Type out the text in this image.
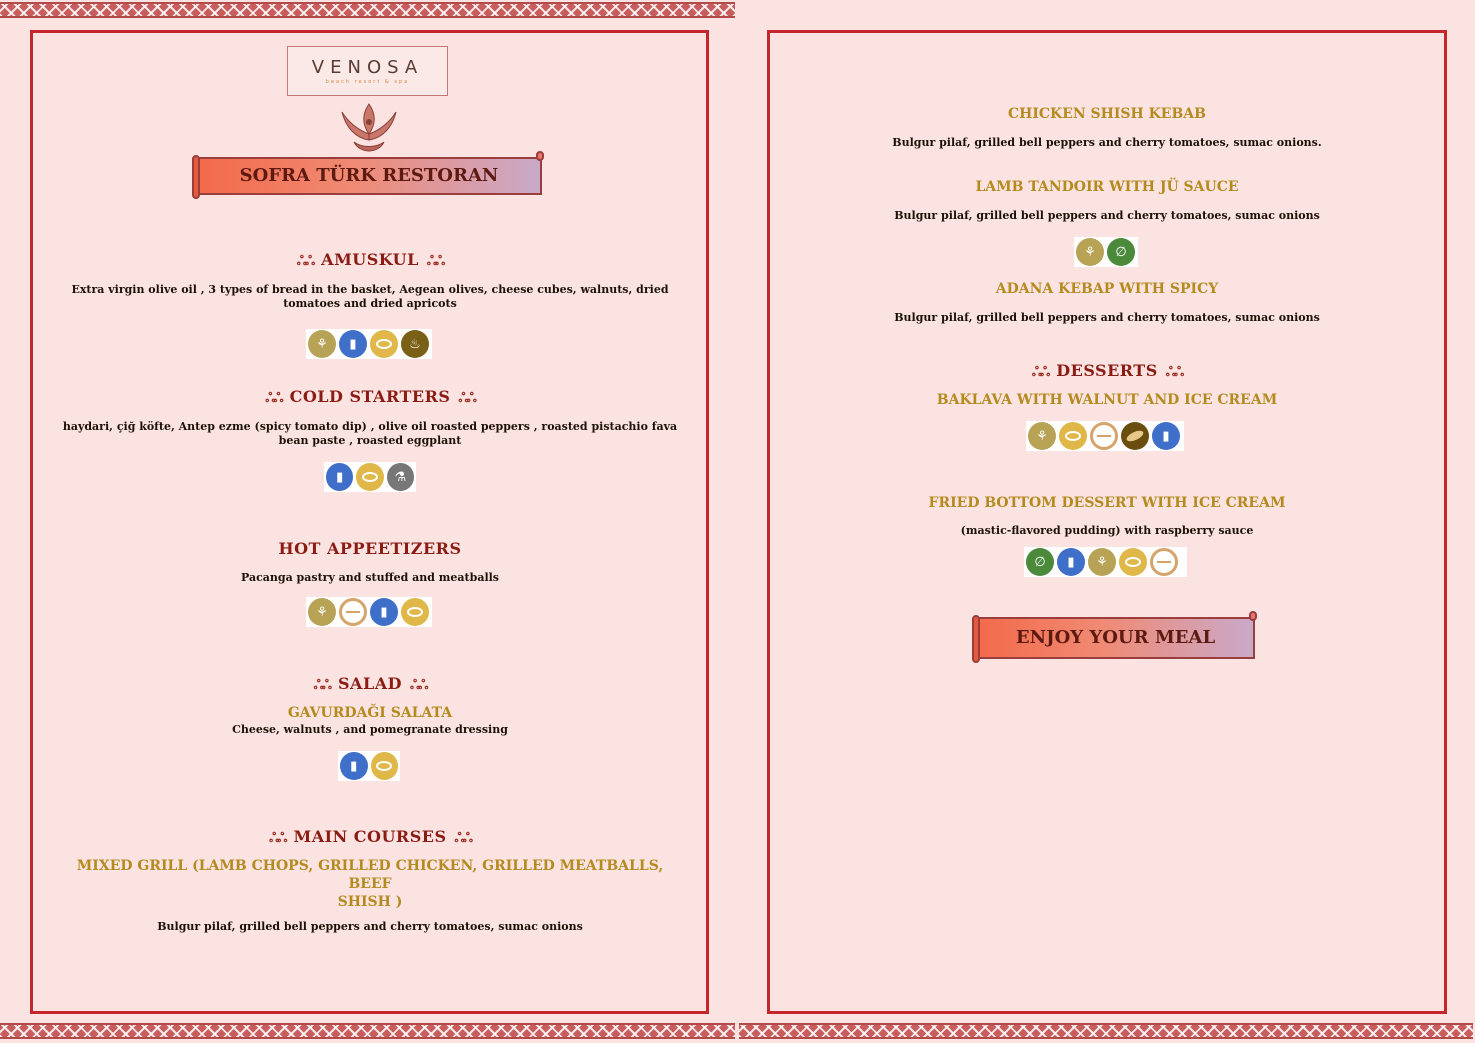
VENOSA
beach resort & spa
SOFRA TÜRK RESTORAN
ஃஃ AMUSKUL ஃஃ
Extra virgin olive oil , 3 types of bread in the basket, Aegean olives, cheese cubes, walnuts, dried
tomatoes and dried apricots
⚘	▮	♨
ஃஃ COLD STARTERS ஃஃ
haydari, çiğ köfte, Antep ezme (spicy tomato dip) , olive oil roasted peppers , roasted pistachio fava
bean paste , roasted eggplant
▮	⚗
HOT APPEETIZERS
Pacanga pastry and stuffed and meatballs
⚘	▮
ஃஃ SALAD ஃஃ
GAVURDAĞI SALATA
Cheese, walnuts , and pomegranate dressing
▮
ஃஃ MAIN COURSES ஃஃ
MIXED GRILL (LAMB CHOPS, GRILLED CHICKEN, GRILLED MEATBALLS, BEEF
SHISH )
Bulgur pilaf, grilled bell peppers and cherry tomatoes, sumac onions
CHICKEN SHISH KEBAB
Bulgur pilaf, grilled bell peppers and cherry tomatoes, sumac onions.
LAMB TANDOIR WITH JÜ SAUCE
Bulgur pilaf, grilled bell peppers and cherry tomatoes, sumac onions
⚘	∅
ADANA KEBAP WITH SPICY
Bulgur pilaf, grilled bell peppers and cherry tomatoes, sumac onions
ஃஃ DESSERTS ஃஃ
BAKLAVA WITH WALNUT AND ICE CREAM
⚘	▮
FRIED BOTTOM DESSERT WITH ICE CREAM
(mastic-flavored pudding) with raspberry sauce
∅	▮	⚘
ENJOY YOUR MEAL
